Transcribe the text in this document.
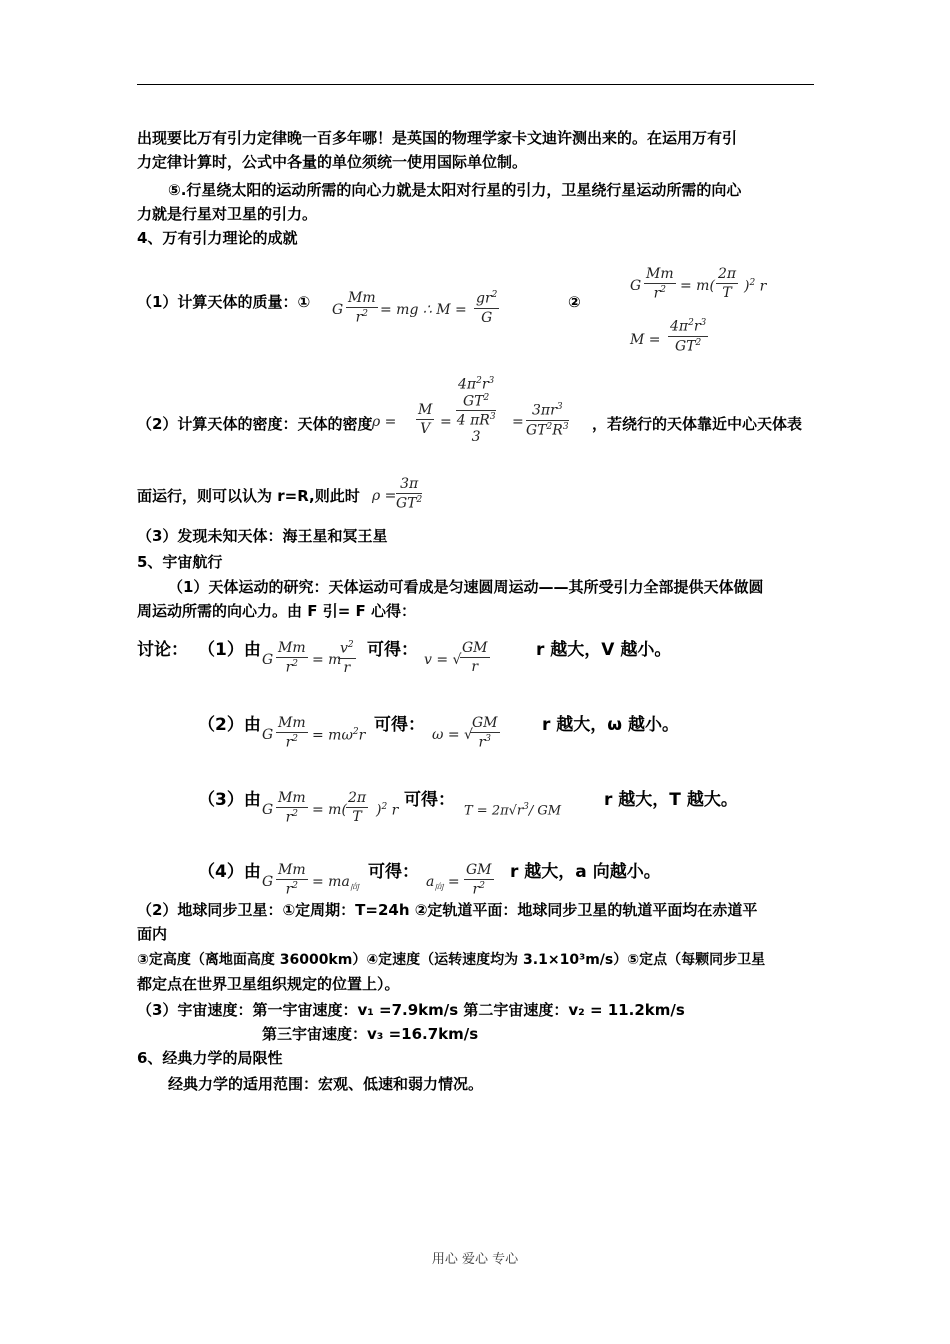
出现要比万有引力定律晚一百多年哪！是英国的物理学家卡文迪许测出来的。在运用万有引
力定律计算时，公式中各量的单位须统一使用国际单位制。
⑤.行星绕太阳的运动所需的向心力就是太阳对行星的引力，卫星绕行星运动所需的向心
力就是行星对卫星的引力。
4、万有引力理论的成就
（1）计算天体的质量：① G $\frac{Mm}{r^2}$ = mg ∴ $M = \frac{gr^2}{G}$	②
G $\frac{Mm}{r^2} = m( \frac{2\pi}{T} )^2$ r
$M = \frac{4\pi^2r^3}{GT^2}$
（2）计算天体的密度：天体的密度 $\rho = \frac{M}{V}$ =
$4\pi^2r^3$
$GT^2$
4 $\pi R^3$
3
= $\frac{3\pi r^3}{GT^2R^3}$ ，若绕行的天体靠近中心天体表
面运行，则可以认为 r=R,则此时 $\rho = \frac{3\pi}{GT^2}$
（3）发现未知天体：海王星和冥王星
5、宇宙航行
（1）天体运动的研究：天体运动可看成是匀速圆周运动——其所受引力全部提供天体做圆
周运动所需的向心力。由 F 引= F 心得：
讨论： （1）由 G $\frac{Mm}{r^2} = m$
$\frac{v^2}{r}$ 可得： v = √
$\frac{GM}{r}$	r 越大，V 越小。
（2）由 G $\frac{Mm}{r^2} = m\omega^2r$
可得： ω = √
$\frac{GM}{r^3}$ r 越大，ω 越小。
（3）由 G $\frac{Mm}{r^2} = m( \frac{2\pi}{T} )^2$ r
可得：
$T = 2\pi√r^3/$ GM
r 越大，T 越大。
（4）由 G $\frac{Mm}{r^2} = ma_向$
可得： $a_向 = \frac{GM}{r^2}$ r 越大，a 向越小。
（2）地球同步卫星：①定周期：T=24h ②定轨道平面：地球同步卫星的轨道平面均在赤道平
面内
③定高度（离地面高度 36000km）④定速度（运转速度均为 3.1×10³m/s）⑤定点（每颗同步卫星
都定点在世界卫星组织规定的位置上）。
（3）宇宙速度：第一宇宙速度：v₁ =7.9km/s 第二宇宙速度：v₂ = 11.2km/s
第三宇宙速度：v₃ =16.7km/s
6、经典力学的局限性
经典力学的适用范围：宏观、低速和弱力情况。
用心 爱心 专心
